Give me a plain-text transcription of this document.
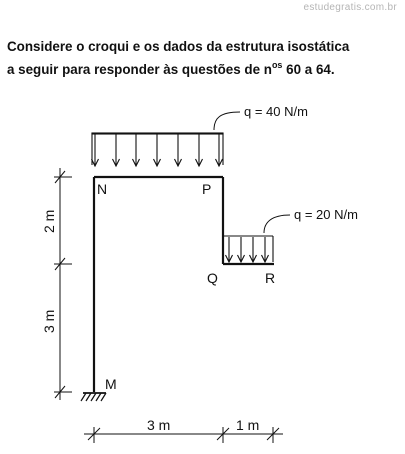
estudegratis.com.br
Considere o croqui e os dados da estrutura isostática
a seguir para responder às questões de $n^{os}$ 60 a 64.
q = 40 N/m
q = 20 N/m
N	P
Q	R
M
2 m
3 m
3 m	1 m
